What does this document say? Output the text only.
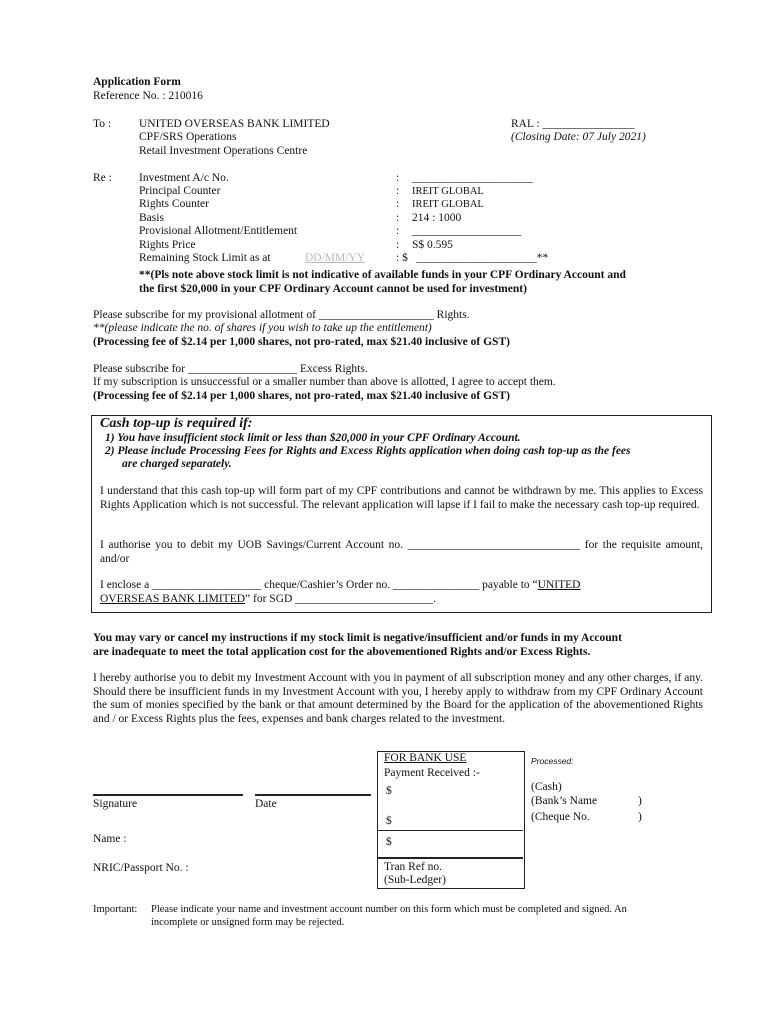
Application Form
Reference No. : 210016
To : UNITED OVERSEAS BANK LIMITED
CPF/SRS Operations
Retail Investment Operations Centre
RAL : ________________
(Closing Date: 07 July 2021)
Re : Investment A/c No.	: _____________________
Principal Counter	: IREIT GLOBAL
Rights Counter	: IREIT GLOBAL
Basis	: 214 : 1000
Provisional Allotment/Entitlement	: ___________________
Rights Price	: S$ 0.595
Remaining Stock Limit as at	DD/MM/YY	: $ _____________________**
**(Pls note above stock limit is not indicative of available funds in your CPF Ordinary Account and
the first $20,000 in your CPF Ordinary Account cannot be used for investment)
Please subscribe for my provisional allotment of ____________________ Rights.
**(please indicate the no. of shares if you wish to take up the entitlement)
(Processing fee of $2.14 per 1,000 shares, not pro-rated, max $21.40 inclusive of GST)
Please subscribe for ___________________ Excess Rights.
If my subscription is unsuccessful or a smaller number than above is allotted, I agree to accept them.
(Processing fee of $2.14 per 1,000 shares, not pro-rated, max $21.40 inclusive of GST)
Cash top-up is required if:
1) You have insufficient stock limit or less than $20,000 in your CPF Ordinary Account.
2) Please include Processing Fees for Rights and Excess Rights application when doing cash top-up as the fees
are charged separately.
I understand that this cash top-up will form part of my CPF contributions and cannot be withdrawn by me. This applies to Excess Rights Application which is not successful. The relevant application will lapse if I fail to make the necessary cash top-up required.
I authorise you to debit my UOB Savings/Current Account no. ______________________________ for the requisite amount, and/or
I enclose a ___________________ cheque/Cashier’s Order no. _______________ payable to “UNITED
OVERSEAS BANK LIMITED” for SGD ________________________.
You may vary or cancel my instructions if my stock limit is negative/insufficient and/or funds in my Account
are inadequate to meet the total application cost for the abovementioned Rights and/or Excess Rights.
I hereby authorise you to debit my Investment Account with you in payment of all subscription money and any other charges, if any. Should there be insufficient funds in my Investment Account with you, I hereby apply to withdraw from my CPF Ordinary Account the sum of monies specified by the bank or that amount determined by the Board for the application of the abovementioned Rights and / or Excess Rights plus the fees, expenses and bank charges related to the investment.
Signature	Date
Name :
NRIC/Passport No. :
FOR BANK USE	Processed:
Payment Received :-
$	(Cash)
(Bank’s Name	)
$	(Cheque No.	)
$
Tran Ref no.
(Sub-Ledger)
Important: Please indicate your name and investment account number on this form which must be completed and signed. An
incomplete or unsigned form may be rejected.
